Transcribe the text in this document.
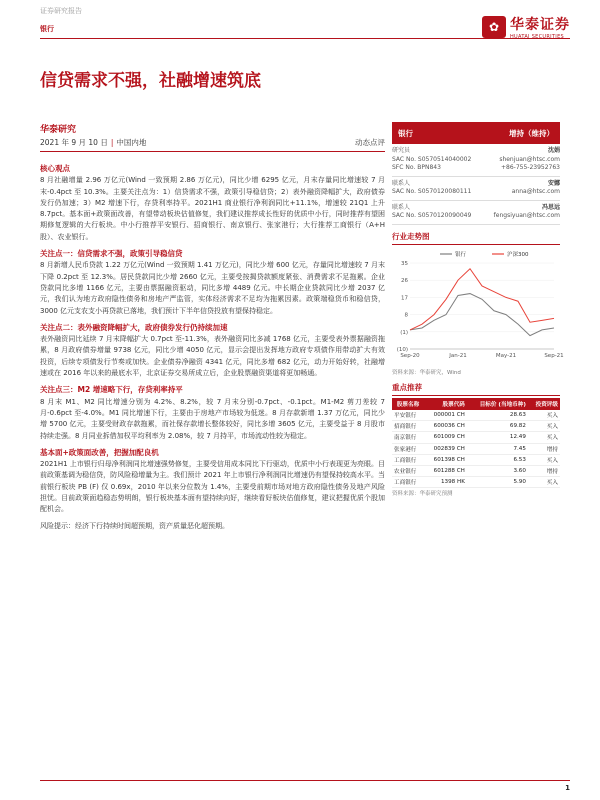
证券研究报告
✿ 华泰证券
HUATAI SECURITIES
银行
信贷需求不强，社融增速筑底
华泰研究
2021 年 9 月 10 日 | 中国内地	动态点评
核心观点

8 月社融增量 2.96 万亿元(Wind 一致预期 2.86 万亿元)，同比少增 6295 亿元，月末存量同比增速较 7 月末-0.4pct 至 10.3%。主要关注点为：1）信贷需求不强，政策引导稳信贷；2）表外融资降幅扩大，政府债券发行仍加速；3）M2 增速下行，存贷利率持平。2021H1 商业银行净利润同比+11.1%，增速较 21Q1 上升 8.7pct。基本面+政策面改善，有望带动板块估值修复，我们建议推荐成长性好的优质中小行，同时推荐有望困期修复逻辑的大行板块。中小行推荐平安银行、招商银行、南京银行、张家港行；大行推荐工商银行（A+H 股）、农业银行。

关注点一：信贷需求不强，政策引导稳信贷

8 月新增人民币贷款 1.22 万亿元(Wind 一致预期 1.41 万亿元)，同比少增 600 亿元，存量同比增速较 7 月末下降 0.2pct 至 12.3%。居民贷款同比少增 2660 亿元，主要受按揭贷款额度紧张、消费需求不足拖累。企业贷款同比多增 1166 亿元，主要由票据融资驱动，同比多增 4489 亿元。中长期企业贷款同比少增 2037 亿元，我们认为地方政府隐性债务和房地产严监管，实体经济需求不足均为拖累因素。政策端稳货币和稳信贷，3000 亿元支农支小再贷款已落地，我们预计下半年信贷投放有望保持稳定。

关注点二：表外融资降幅扩大，政府债券发行仍持续加速

表外融资同比延续 7 月末降幅扩大 0.7pct 至-11.3%，表外融资同比多减 1768 亿元，主要受表外票据融资拖累，8 月政府债券增量 9738 亿元，同比少增 4050 亿元，显示会提出发挥地方政府专项债作用带动扩大有效投资，后续专项债发行节奏或加快。企业债券净融资 4341 亿元，同比多增 682 亿元，动力开始好转，社融增速或在 2016 年以来的最底水平，北京证券交易所成立后，企业股票融资渠道将更加畅通。

关注点三：M2 增速略下行，存贷利率持平

8 月末 M1、M2 同比增速分别为 4.2%、8.2%，较 7 月末分别-0.7pct、-0.1pct。M1-M2 剪刀差较 7 月-0.6pct 至-4.0%。M1 同比增速下行，主要由于房地产市场较为低迷。8 月存款新增 1.37 万亿元，同比少增 5700 亿元，主要受财政存款拖累，而社保存款增长整体较好，同比多增 3605 亿元，主要受益于 8 月股市持续走强。8 月同业拆借加权平均利率为 2.08%，较 7 月持平，市场流动性较为稳定。

基本面+政策面改善，把握加配良机

2021H1 上市银行归母净利润同比增速强势修复，主要受信用成本同比下行驱动，优质中小行表现更为亮眼。目前政策基调为稳信贷，防风险稳增量为主。我们预计 2021 年上市银行净利润同比增速仍有望保持较高水平。当前银行板块 PB (F) 仅 0.69x，2010 年以来分位数为 1.4%，主要受前期市场对地方政府隐性债务及地产风险担忧。目前政策面趋稳态势明朗，银行板块基本面有望持续向好，继续看好板块估值修复，建议把握优质个股加配机会。

风险提示：经济下行持续时间超预期，资产质量恶化超预期。

银行	增持（维持）
研究员	沈娟
SAC No. S0570514040002	shenjuan@htsc.com
SFC No. BPN843	+86-755-23952763
联系人	安娜
SAC No. S0570120080111	anna@htsc.com
联系人	冯思远
SAC No. S0570120090049	fengsiyuan@htsc.com
行业走势图
(10)
(1)
8
17
26
35
Sep-20	Jan-21	May-21	Sep-21
银行	沪深300
资料来源：华泰研究，Wind
重点推荐
股票名称	股票代码	目标价 (当地币种)	投资评级
平安银行	000001 CH	28.63	买入
招商银行	600036 CH	69.82	买入
南京银行	601009 CH	12.49	买入
张家港行	002839 CH	7.45	增持
工商银行	601398 CH	6.53	买入
农业银行	601288 CH	3.60	增持
工商银行	1398 HK	5.90	买入
资料来源：华泰研究预测
1
